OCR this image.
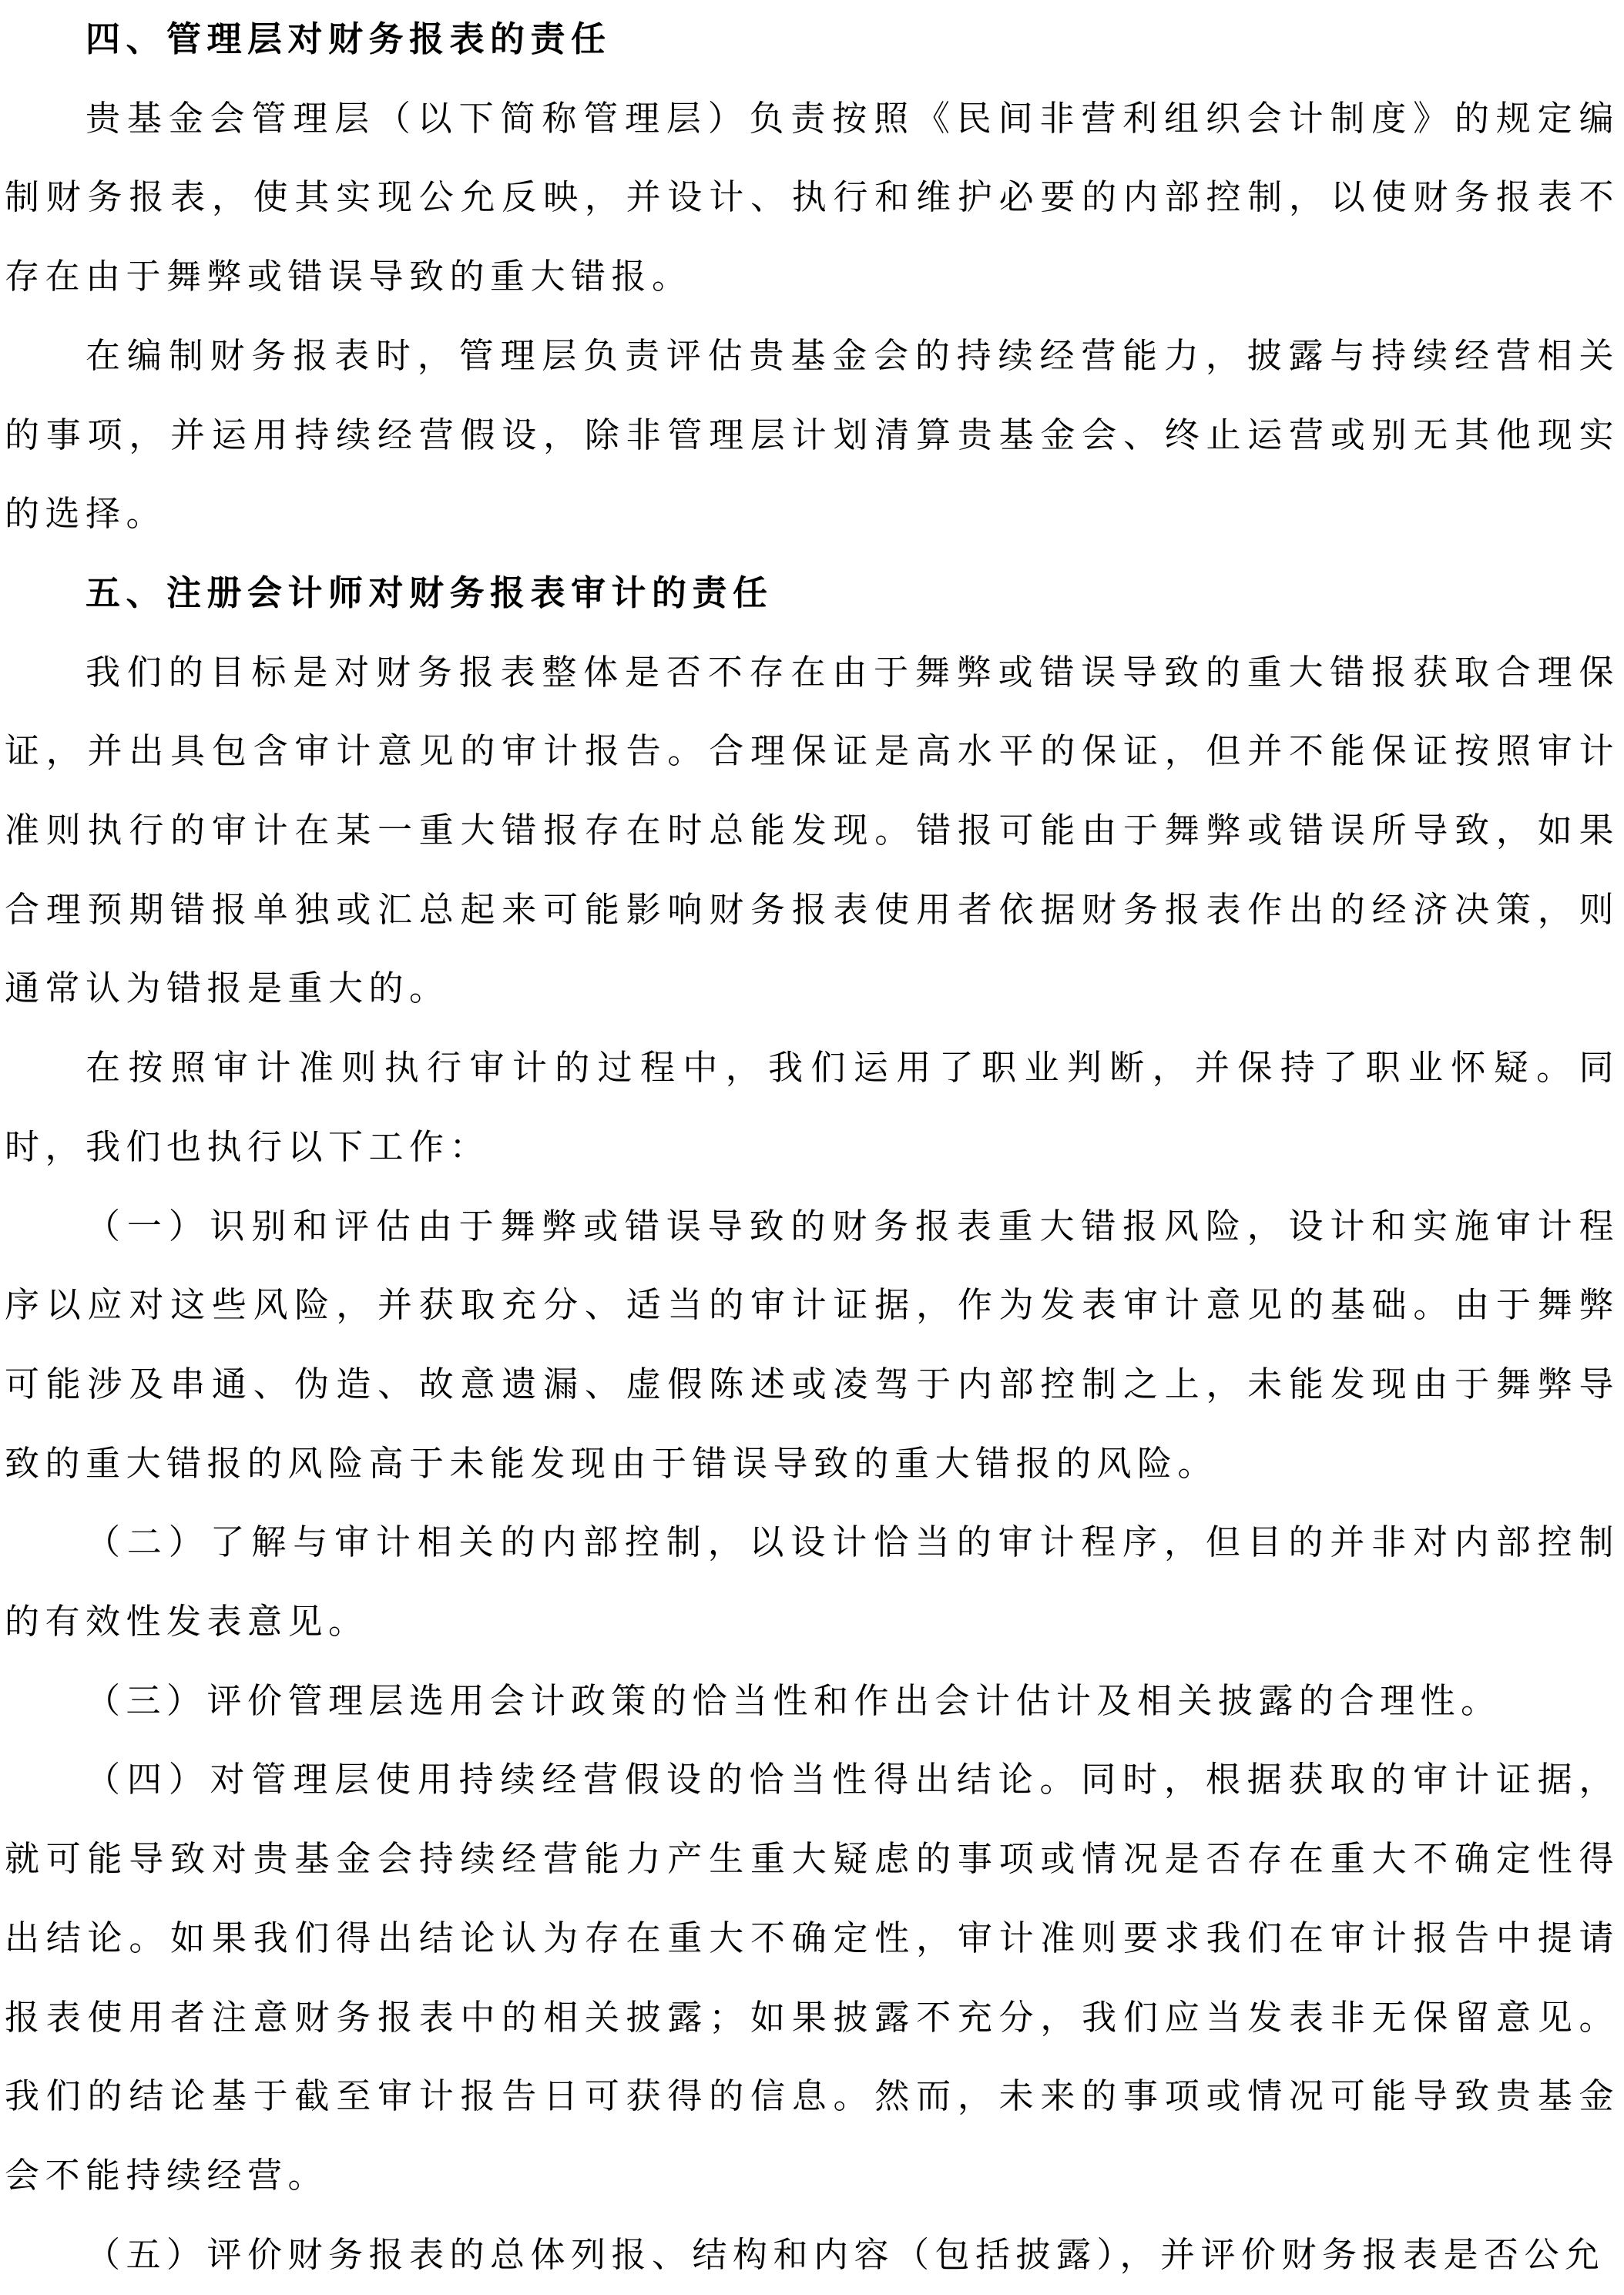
四、管理层对财务报表的责任

贵基金会管理层（以下简称管理层）负责按照《民间非营利组织会计制度》的规定编制财务报表，使其实现公允反映，并设计、执行和维护必要的内部控制，以使财务报表不存在由于舞弊或错误导致的重大错报。

在编制财务报表时，管理层负责评估贵基金会的持续经营能力，披露与持续经营相关的事项，并运用持续经营假设，除非管理层计划清算贵基金会、终止运营或别无其他现实的选择。

五、注册会计师对财务报表审计的责任

我们的目标是对财务报表整体是否不存在由于舞弊或错误导致的重大错报获取合理保证，并出具包含审计意见的审计报告。合理保证是高水平的保证，但并不能保证按照审计准则执行的审计在某一重大错报存在时总能发现。错报可能由于舞弊或错误所导致，如果合理预期错报单独或汇总起来可能影响财务报表使用者依据财务报表作出的经济决策，则通常认为错报是重大的。

在按照审计准则执行审计的过程中，我们运用了职业判断，并保持了职业怀疑。同时，我们也执行以下工作：

（一）识别和评估由于舞弊或错误导致的财务报表重大错报风险，设计和实施审计程序以应对这些风险，并获取充分、适当的审计证据，作为发表审计意见的基础。由于舞弊可能涉及串通、伪造、故意遗漏、虚假陈述或凌驾于内部控制之上，未能发现由于舞弊导致的重大错报的风险高于未能发现由于错误导致的重大错报的风险。

（二）了解与审计相关的内部控制，以设计恰当的审计程序，但目的并非对内部控制的有效性发表意见。

（三）评价管理层选用会计政策的恰当性和作出会计估计及相关披露的合理性。

（四）对管理层使用持续经营假设的恰当性得出结论。同时，根据获取的审计证据，就可能导致对贵基金会持续经营能力产生重大疑虑的事项或情况是否存在重大不确定性得出结论。如果我们得出结论认为存在重大不确定性，审计准则要求我们在审计报告中提请报表使用者注意财务报表中的相关披露；如果披露不充分，我们应当发表非无保留意见。我们的结论基于截至审计报告日可获得的信息。然而，未来的事项或情况可能导致贵基金会不能持续经营。

（五）评价财务报表的总体列报、结构和内容（包括披露），并评价财务报表是否公允
